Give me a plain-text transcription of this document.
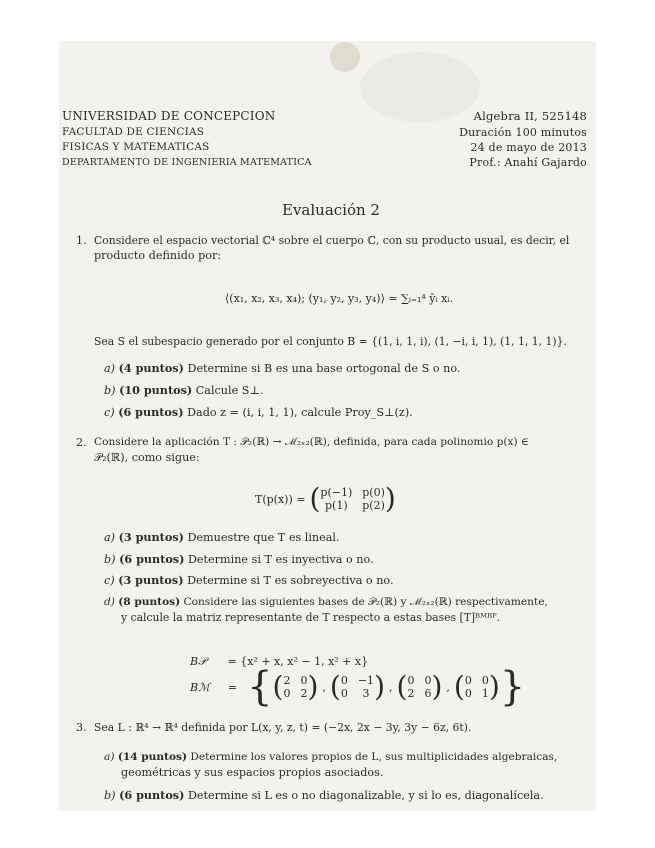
UNIVERSIDAD DE CONCEPCION
FACULTAD DE CIENCIAS
FISICAS Y MATEMATICAS
DEPARTAMENTO DE INGENIERIA MATEMATICA
Algebra II, 525148
Duración 100 minutos
24 de mayo de 2013
Prof.: Anahí Gajardo
Evaluación 2
1. Considere el espacio vectorial ℂ⁴ sobre el cuerpo ℂ, con su producto usual, es decir, el
producto definido por:
⟨(x₁, x₂, x₃, x₄); (y₁, y₂, y₃, y₄)⟩ = ∑ᵢ₌₁⁴ ȳᵢ xᵢ.
Sea S el subespacio generado por el conjunto B = {(1, i, 1, i), (1, −i, i, 1), (1, 1, 1, 1)}.
a) (4 puntos) Determine si B es una base ortogonal de S o no.
b) (10 puntos) Calcule S⊥.
c) (6 puntos) Dado z = (i, i, 1, 1), calcule Proy_S⊥(z).
2. Considere la aplicación T : 𝒫₂(ℝ) → ℳ₂ₓ₂(ℝ), definida, para cada polinomio p(x) ∈
𝒫₂(ℝ), como sigue:
T(p(x)) = ( p(−1) p(0)
p(1)	p(2) )
a) (3 puntos) Demuestre que T es lineal.
b) (6 puntos) Determine si T es inyectiva o no.
c) (3 puntos) Determine si T es sobreyectiva o no.
d) (8 puntos) Considere las siguientes bases de 𝒫₂(ℝ) y ℳ₂ₓ₂(ℝ) respectivamente,
y calcule la matriz representante de T respecto a estas bases [T]ᴮᴹᴮᴾ.
B𝒫 = {x² + x, x² − 1, x² + x}
Bℳ = { ( 2 0
0 2 ) , ( 0 −1
0	3 ) , ( 0 0
2 6 ) , ( 0 0
0 1 ) }
3. Sea L : ℝ⁴ → ℝ⁴ definida por L(x, y, z, t) = (−2x, 2x − 3y, 3y − 6z, 6t).
a) (14 puntos) Determine los valores propios de L, sus multiplicidades algebraicas,
geométricas y sus espacios propios asociados.
b) (6 puntos) Determine si L es o no diagonalizable, y si lo es, diagonalícela.
